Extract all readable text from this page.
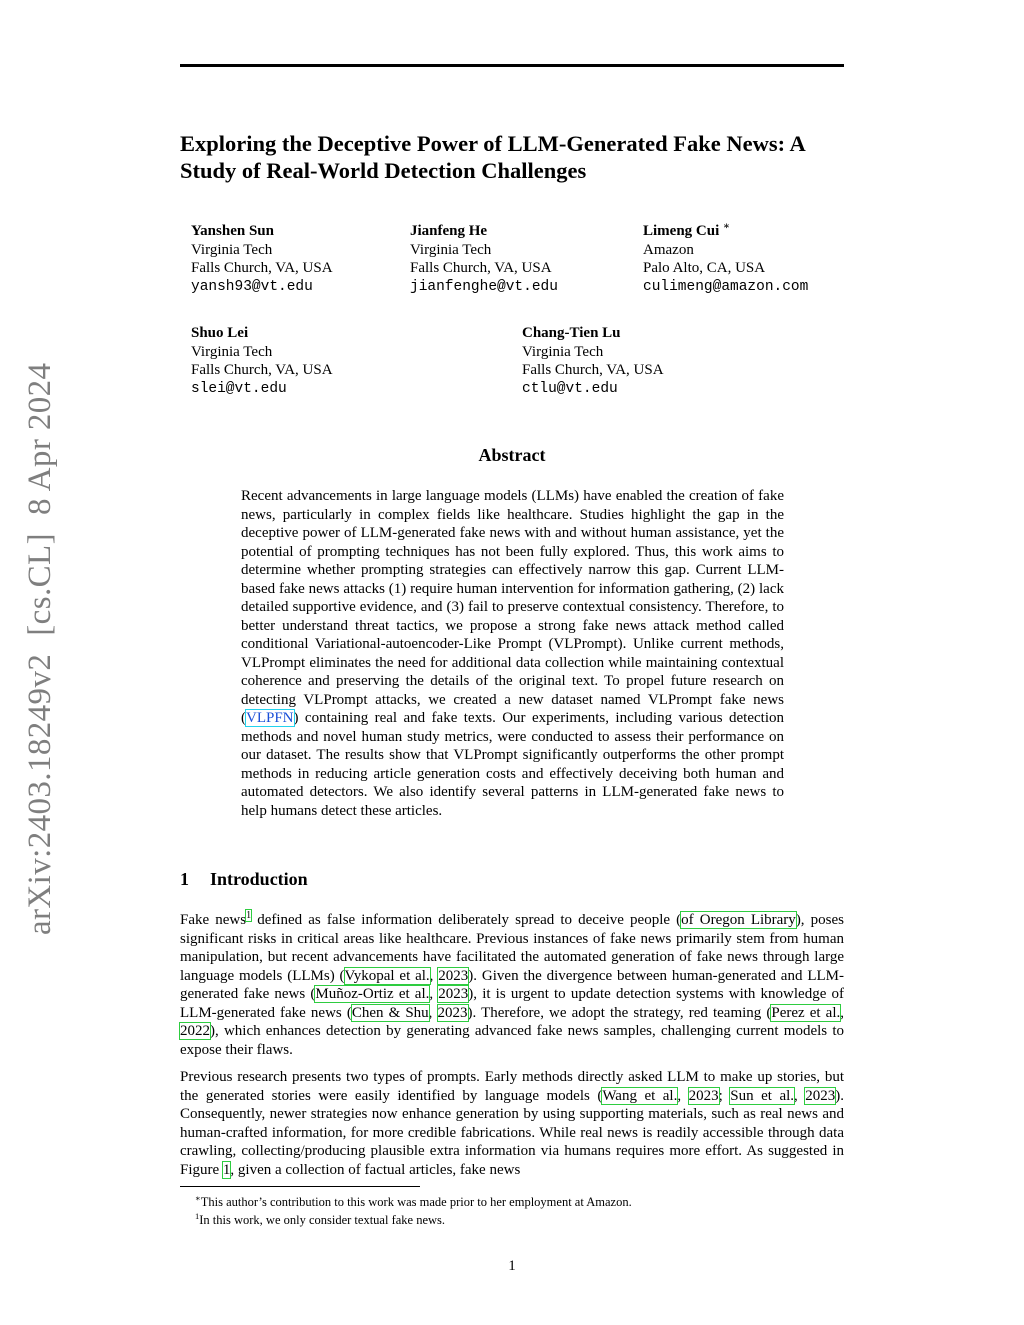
arXiv:2403.18249v2[cs.CL]8 Apr 2024
Exploring the Deceptive Power of LLM-Generated Fake News: A Study of Real-World Detection Challenges
Yanshen Sun
Virginia Tech
Falls Church, VA, USA
yansh93@vt.edu
Jianfeng He
Virginia Tech
Falls Church, VA, USA
jianfenghe@vt.edu
Limeng Cui ∗
Amazon
Palo Alto, CA, USA
culimeng@amazon.com
Shuo Lei
Virginia Tech
Falls Church, VA, USA
slei@vt.edu
Chang-Tien Lu
Virginia Tech
Falls Church, VA, USA
ctlu@vt.edu
Abstract

Recent advancements in large language models (LLMs) have enabled the creation of fake news, particularly in complex fields like healthcare. Studies highlight the gap in the deceptive power of LLM-generated fake news with and without human assistance, yet the potential of prompting techniques has not been fully explored. Thus, this work aims to determine whether prompting strategies can effectively narrow this gap. Current LLM-based fake news attacks (1) require human intervention for information gathering, (2) lack detailed supportive evidence, and (3) fail to preserve contextual consistency. Therefore, to better understand threat tactics, we propose a strong fake news attack method called conditional Variational-autoencoder-Like Prompt (VLPrompt). Unlike current methods, VLPrompt eliminates the need for additional data collection while maintaining contextual coherence and preserving the details of the original text. To propel future research on detecting VLPrompt attacks, we created a new dataset named VLPrompt fake news (VLPFN) containing real and fake texts. Our experiments, including various detection methods and novel human study metrics, were conducted to assess their performance on our dataset. The results show that VLPrompt significantly outperforms the other prompt methods in reducing article generation costs and effectively deceiving both human and automated detectors. We also identify several patterns in LLM-generated fake news to help humans detect these articles.

1 Introduction

Fake news$^1$ defined as false information deliberately spread to deceive people (of Oregon Library), poses significant risks in critical areas like healthcare. Previous instances of fake news primarily stem from human manipulation, but recent advancements have facilitated the automated generation of fake news through large language models (LLMs) (Vykopal et al., 2023). Given the divergence between human-generated and LLM-generated fake news (Muñoz-Ortiz et al., 2023), it is urgent to update detection systems with knowledge of LLM-generated fake news (Chen & Shu, 2023). Therefore, we adopt the strategy, red teaming (Perez et al., 2022), which enhances detection by generating advanced fake news samples, challenging current models to expose their flaws.

Previous research presents two types of prompts. Early methods directly asked LLM to make up stories, but the generated stories were easily identified by language models (Wang et al., 2023; Sun et al., 2023). Consequently, newer strategies now enhance generation by using supporting materials, such as real news and human-crafted information, for more credible fabrications. While real news is readily accessible through data crawling, collecting/producing plausible extra information via humans requires more effort. As suggested in Figure 1, given a collection of factual articles, fake news

∗This author’s contribution to this work was made prior to her employment at Amazon.

$^1$In this work, we only consider textual fake news.

1
